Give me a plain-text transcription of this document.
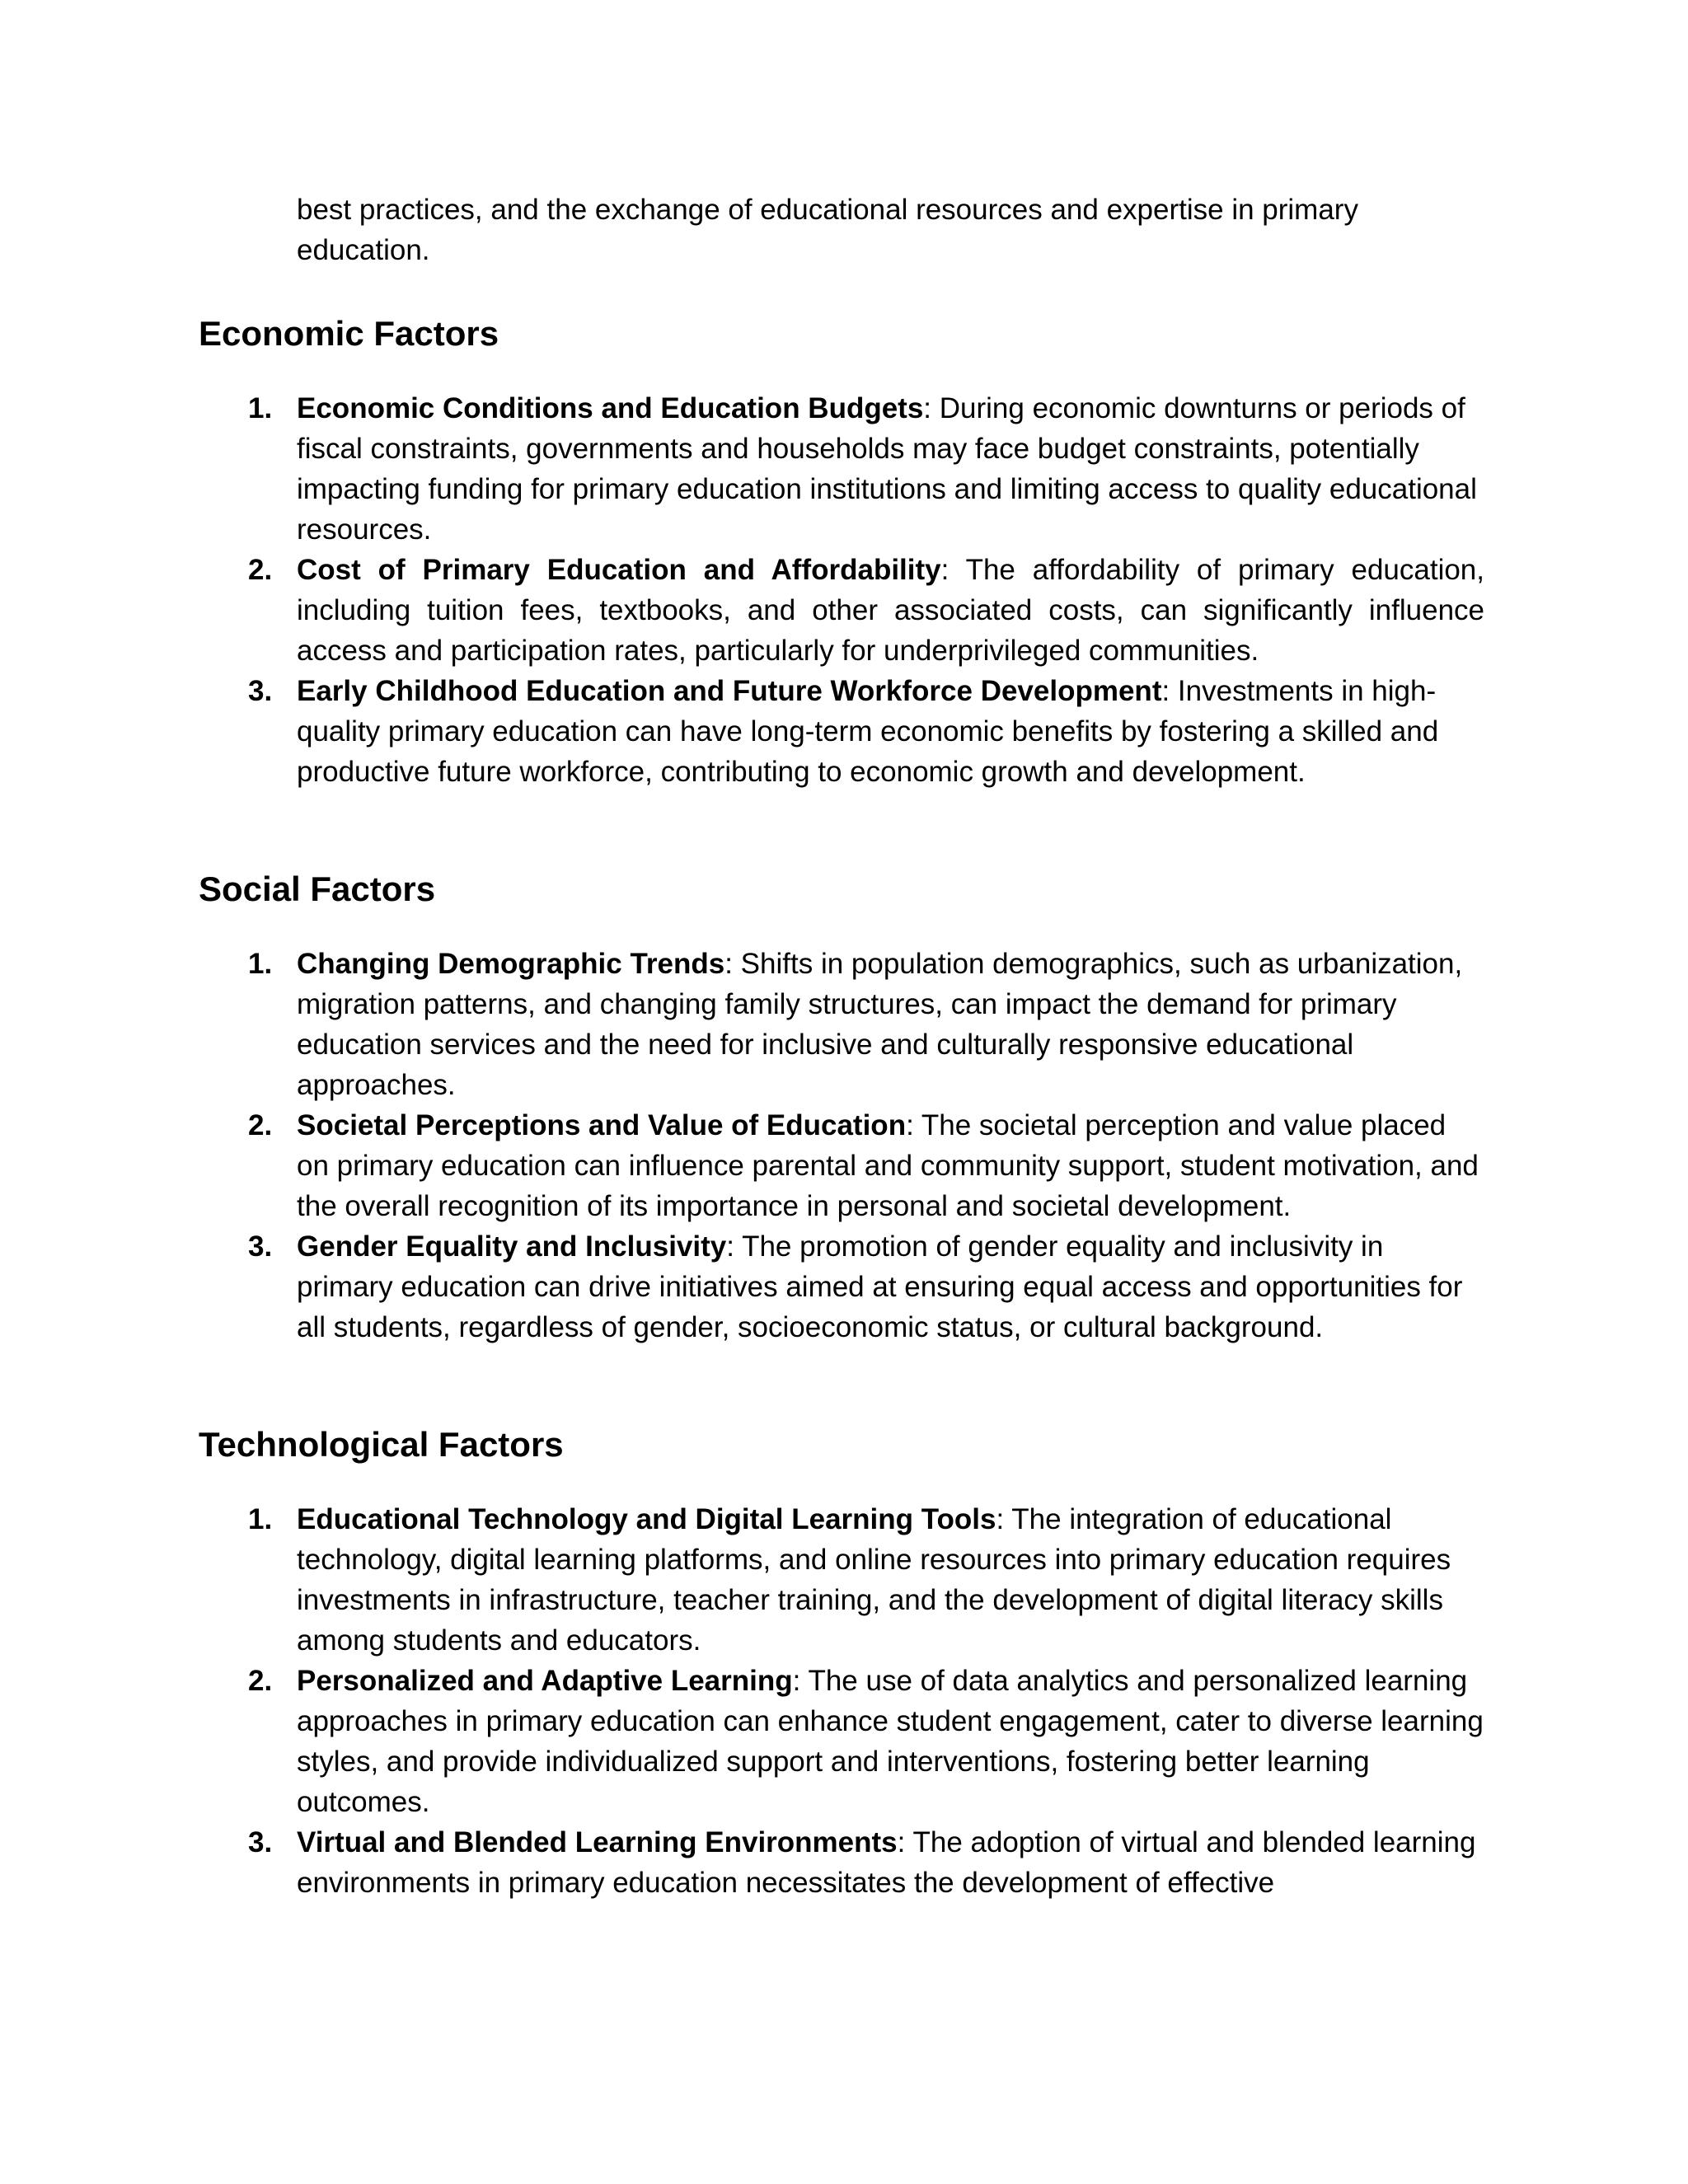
best practices, and the exchange of educational resources and expertise in primary education.

Economic Factors
1. Economic Conditions and Education Budgets: During economic downturns or periods of fiscal constraints, governments and households may face budget constraints, potentially impacting funding for primary education institutions and limiting access to quality educational resources.
2. Cost of Primary Education and Affordability: The affordability of primary education, including tuition fees, textbooks, and other associated costs, can significantly influence access and participation rates, particularly for underprivileged communities.
3. Early Childhood Education and Future Workforce Development: Investments in high-quality primary education can have long-term economic benefits by fostering a skilled and productive future workforce, contributing to economic growth and development.
Social Factors
1. Changing Demographic Trends: Shifts in population demographics, such as urbanization, migration patterns, and changing family structures, can impact the demand for primary education services and the need for inclusive and culturally responsive educational approaches.
2. Societal Perceptions and Value of Education: The societal perception and value placed on primary education can influence parental and community support, student motivation, and the overall recognition of its importance in personal and societal development.
3. Gender Equality and Inclusivity: The promotion of gender equality and inclusivity in primary education can drive initiatives aimed at ensuring equal access and opportunities for all students, regardless of gender, socioeconomic status, or cultural background.
Technological Factors
1. Educational Technology and Digital Learning Tools: The integration of educational technology, digital learning platforms, and online resources into primary education requires investments in infrastructure, teacher training, and the development of digital literacy skills among students and educators.
2. Personalized and Adaptive Learning: The use of data analytics and personalized learning approaches in primary education can enhance student engagement, cater to diverse learning styles, and provide individualized support and interventions, fostering better learning outcomes.
3. Virtual and Blended Learning Environments: The adoption of virtual and blended learning environments in primary education necessitates the development of effective
